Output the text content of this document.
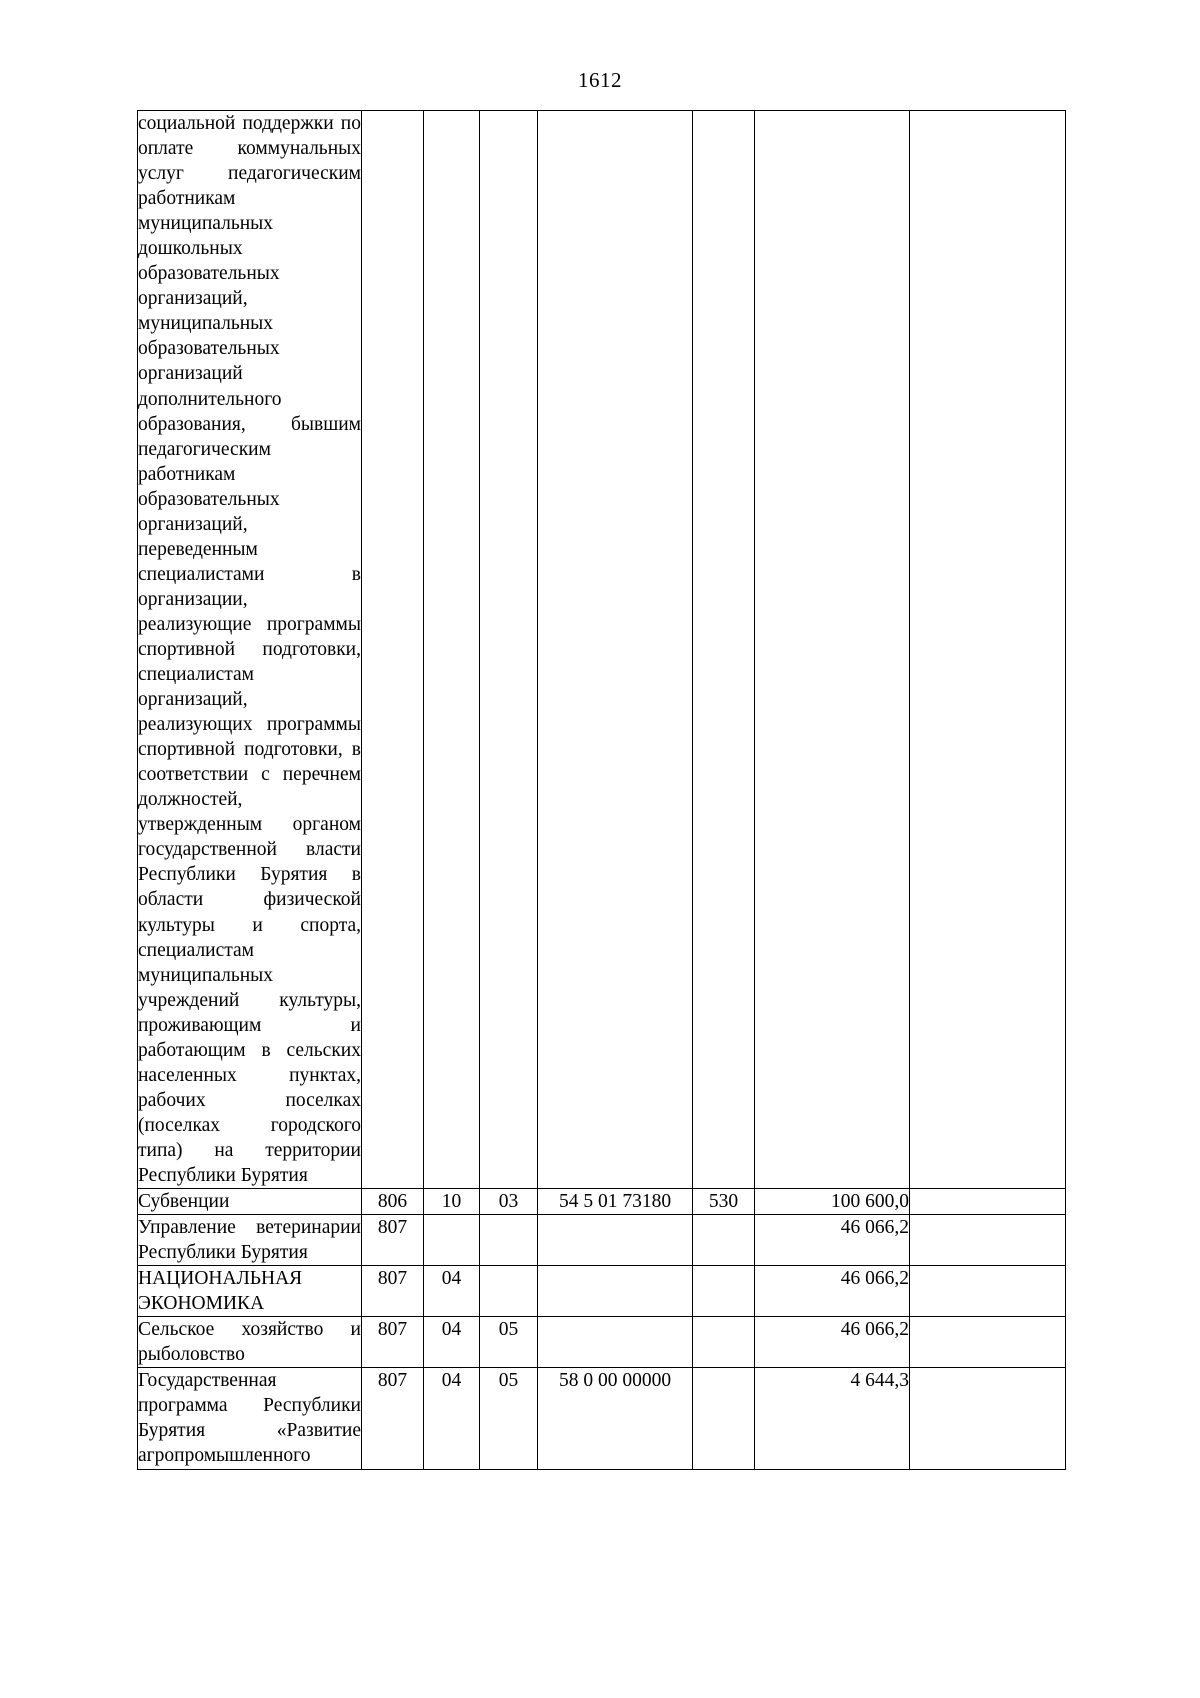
1612

социальной поддержки по оплате коммунальных услуг педагогическим работникам муниципальных дошкольных образовательных организаций, муниципальных образовательных организаций дополнительного образования, бывшим педагогическим работникам образовательных организаций, переведенным специалистами в организации, реализующие программы спортивной подготовки, специалистам организаций, реализующих программы спортивной подготовки, в соответствии с перечнем должностей, утвержденным органом государственной власти Республики Бурятия в области физической культуры и спорта, специалистам муниципальных учреждений культуры, проживающим и работающим в сельских населенных пунктах, рабочих поселках (поселках городского типа) на территории Республики Бурятия							

Субвенции	806	10	03	54 5 01 73180	530	100 600,0	
Управление ветеринарии Республики Бурятия	807					46 066,2	
НАЦИОНАЛЬНАЯ ЭКОНОМИКА	807	04				46 066,2	
Сельское хозяйство и рыболовство	807	04	05			46 066,2	
Государственная программа Республики Бурятия «Развитие агропромышленного	807	04	05	58 0 00 00000		4 644,3	
